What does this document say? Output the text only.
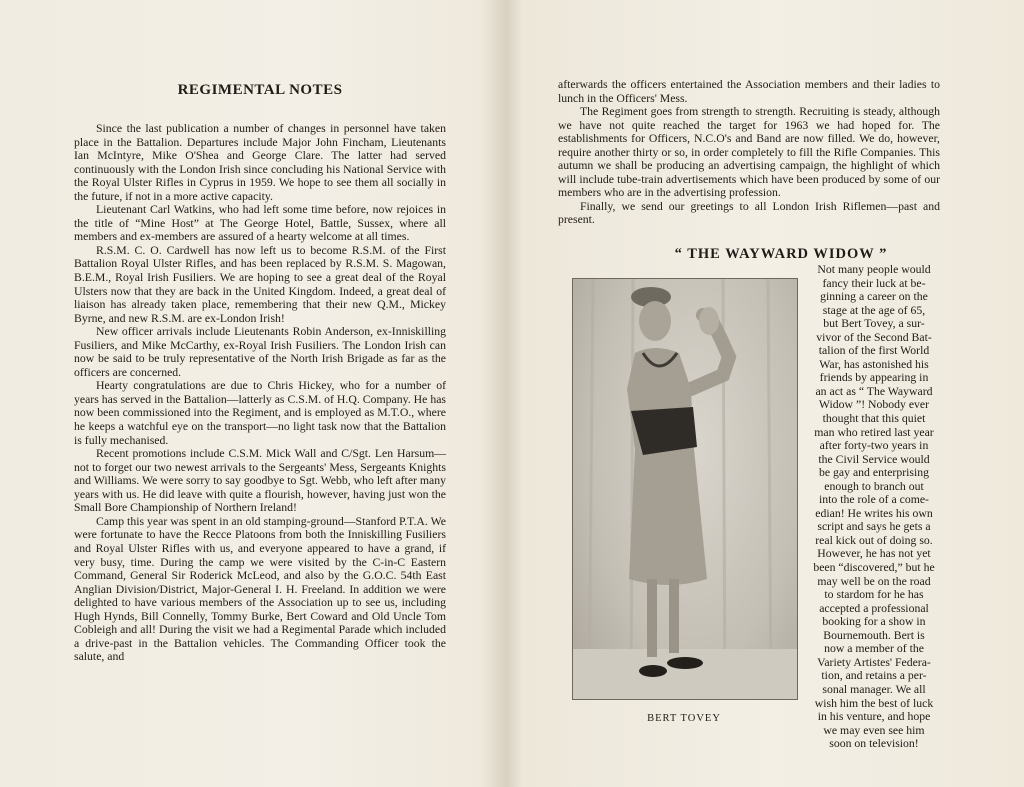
REGIMENTAL NOTES

Since the last publication a number of changes in personnel have taken place in the Battalion. Departures include Major John Fincham, Lieutenants Ian McIntyre, Mike O'Shea and George Clare. The latter had served continuously with the London Irish since concluding his National Service with the Royal Ulster Rifles in Cyprus in 1959. We hope to see them all socially in the future, if not in a more active capacity.

Lieutenant Carl Watkins, who had left some time before, now rejoices in the title of “Mine Host” at The George Hotel, Battle, Sussex, where all members and ex-members are assured of a hearty welcome at all times.

R.S.M. C. O. Cardwell has now left us to become R.S.M. of the First Battalion Royal Ulster Rifles, and has been replaced by R.S.M. S. Magowan, B.E.M., Royal Irish Fusiliers. We are hoping to see a great deal of the Royal Ulsters now that they are back in the United Kingdom. Indeed, a great deal of liaison has already taken place, remembering that their new Q.M., Mickey Byrne, and new R.S.M. are ex-London Irish!

New officer arrivals include Lieutenants Robin Anderson, ex-Inniskilling Fusiliers, and Mike McCarthy, ex-Royal Irish Fusiliers. The London Irish can now be said to be truly representative of the North Irish Brigade as far as the officers are concerned.

Hearty congratulations are due to Chris Hickey, who for a number of years has served in the Battalion—latterly as C.S.M. of H.Q. Company. He has now been commissioned into the Regiment, and is employed as M.T.O., where he keeps a watchful eye on the transport—no light task now that the Battalion is fully mechanised.

Recent promotions include C.S.M. Mick Wall and C/Sgt. Len Harsum—not to forget our two newest arrivals to the Sergeants' Mess, Sergeants Knights and Williams. We were sorry to say goodbye to Sgt. Webb, who left after many years with us. He did leave with quite a flourish, however, having just won the Small Bore Championship of Northern Ireland!

Camp this year was spent in an old stamping-ground—Stanford P.T.A. We were fortunate to have the Recce Platoons from both the Inniskilling Fusiliers and Royal Ulster Rifles with us, and everyone appeared to have a grand, if very busy, time. During the camp we were visited by the C-in-C Eastern Command, General Sir Roderick McLeod, and also by the G.O.C. 54th East Anglian Division/District, Major-General I. H. Freeland. In addition we were delighted to have various members of the Association up to see us, including Hugh Hynds, Bill Connelly, Tommy Burke, Bert Coward and Old Uncle Tom Cobleigh and all! During the visit we had a Regimental Parade which included a drive-past in the Battalion vehicles. The Commanding Officer took the salute, and

afterwards the officers entertained the Association members and their ladies to lunch in the Officers' Mess.

The Regiment goes from strength to strength. Recruiting is steady, although we have not quite reached the target for 1963 we had hoped for. The establishments for Officers, N.C.O's and Band are now filled. We do, however, require another thirty or so, in order completely to fill the Rifle Companies. This autumn we shall be producing an advertising campaign, the highlight of which will include tube-train advertisements which have been produced by some of our members who are in the advertising profession.

Finally, we send our greetings to all London Irish Riflemen—past and present.

“ THE WAYWARD WIDOW ”
BERT TOVEY

Not many people would

fancy their luck at be-

ginning a career on the

stage at the age of 65,

but Bert Tovey, a sur-

vivor of the Second Bat-

talion of the first World

War, has astonished his

friends by appearing in

an act as “ The Wayward

Widow ”! Nobody ever

thought that this quiet

man who retired last year

after forty-two years in

the Civil Service would

be gay and enterprising

enough to branch out

into the role of a come-

edian! He writes his own

script and says he gets a

real kick out of doing so.

However, he has not yet

been “discovered,” but he

may well be on the road

to stardom for he has

accepted a professional

booking for a show in

Bournemouth. Bert is

now a member of the

Variety Artistes' Federa-

tion, and retains a per-

sonal manager. We all

wish him the best of luck

in his venture, and hope

we may even see him

soon on television!
